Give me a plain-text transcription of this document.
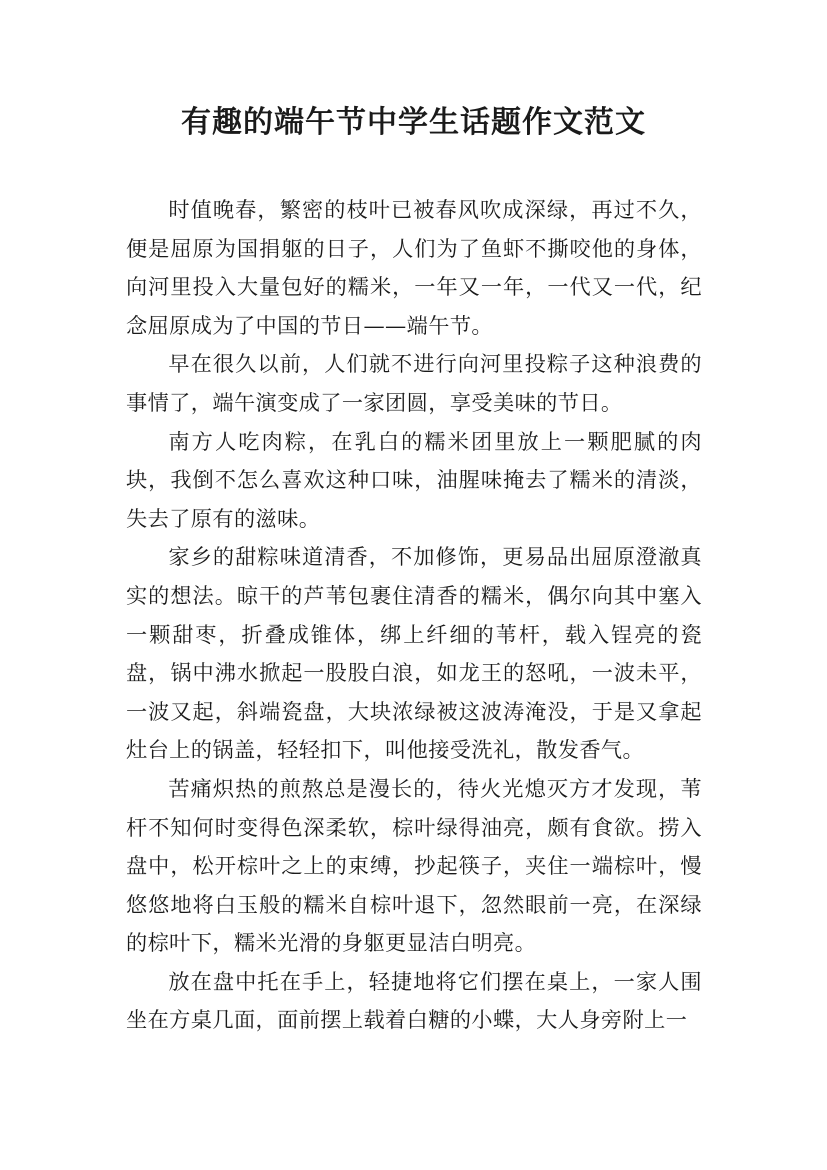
有趣的端午节中学生话题作文范文

时值晚春，繁密的枝叶已被春风吹成深绿，再过不久，便是屈原为国捐躯的日子，人们为了鱼虾不撕咬他的身体，向河里投入大量包好的糯米，一年又一年，一代又一代，纪念屈原成为了中国的节日——端午节。

早在很久以前，人们就不进行向河里投粽子这种浪费的事情了，端午演变成了一家团圆，享受美味的节日。

南方人吃肉粽，在乳白的糯米团里放上一颗肥腻的肉块，我倒不怎么喜欢这种口味，油腥味掩去了糯米的清淡，失去了原有的滋味。

家乡的甜粽味道清香，不加修饰，更易品出屈原澄澈真实的想法。晾干的芦苇包裹住清香的糯米，偶尔向其中塞入一颗甜枣，折叠成锥体，绑上纤细的苇杆，载入锃亮的瓷盘，锅中沸水掀起一股股白浪，如龙王的怒吼，一波未平，一波又起，斜端瓷盘，大块浓绿被这波涛淹没，于是又拿起灶台上的锅盖，轻轻扣下，叫他接受洗礼，散发香气。

苦痛炽热的煎熬总是漫长的，待火光熄灭方才发现，苇杆不知何时变得色深柔软，棕叶绿得油亮，颇有食欲。捞入盘中，松开棕叶之上的束缚，抄起筷子，夹住一端棕叶，慢悠悠地将白玉般的糯米自棕叶退下，忽然眼前一亮，在深绿的棕叶下，糯米光滑的身躯更显洁白明亮。

放在盘中托在手上，轻捷地将它们摆在桌上，一家人围坐在方桌几面，面前摆上载着白糖的小蝶，大人身旁附上一
